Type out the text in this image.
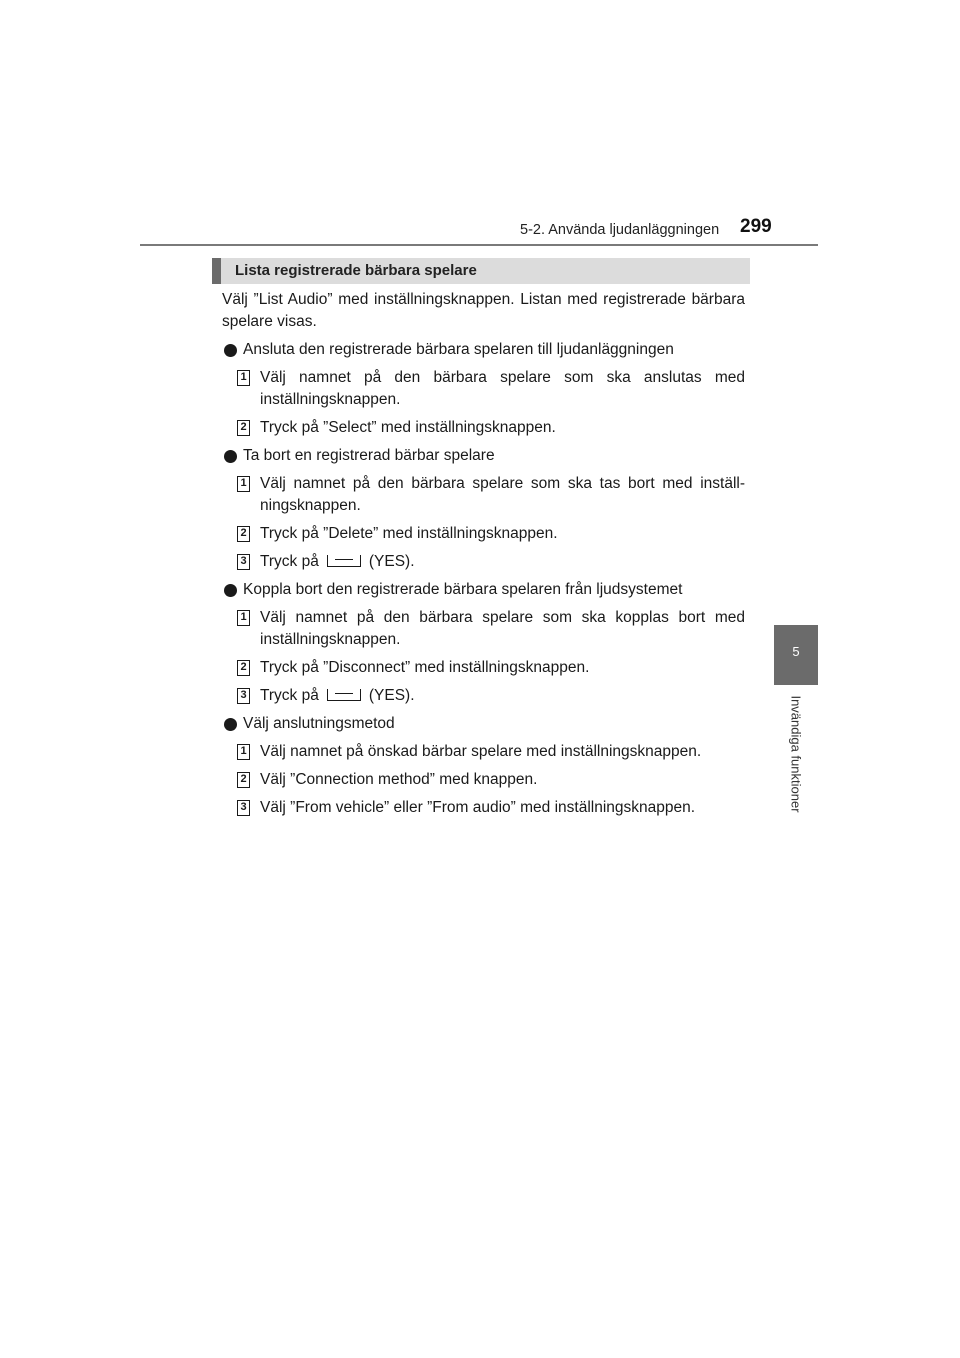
5-2. Använda ljudanläggningen 299
5
Invändiga funktioner
Lista registrerade bärbara spelare

Välj ”List Audio” med inställningsknappen. Listan med registrerade bärbara spelare visas.

Ansluta den registrerade bärbara spelaren till ljudanläggningen
1 Välj namnet på den bärbara spelare som ska anslutas med inställningsknappen.
2 Tryck på ”Select” med inställningsknappen.
Ta bort en registrerad bärbar spelare
1 Välj namnet på den bärbara spelare som ska tas bort med inställ-ningsknappen.
2 Tryck på ”Delete” med inställningsknappen.
3 Tryck på	(YES).
Koppla bort den registrerade bärbara spelaren från ljudsystemet
1 Välj namnet på den bärbara spelare som ska kopplas bort med inställningsknappen.
2 Tryck på ”Disconnect” med inställningsknappen.
3 Tryck på	(YES).
Välj anslutningsmetod
1 Välj namnet på önskad bärbar spelare med inställningsknappen.
2 Välj ”Connection method” med knappen.
3 Välj ”From vehicle” eller ”From audio” med inställningsknappen.
